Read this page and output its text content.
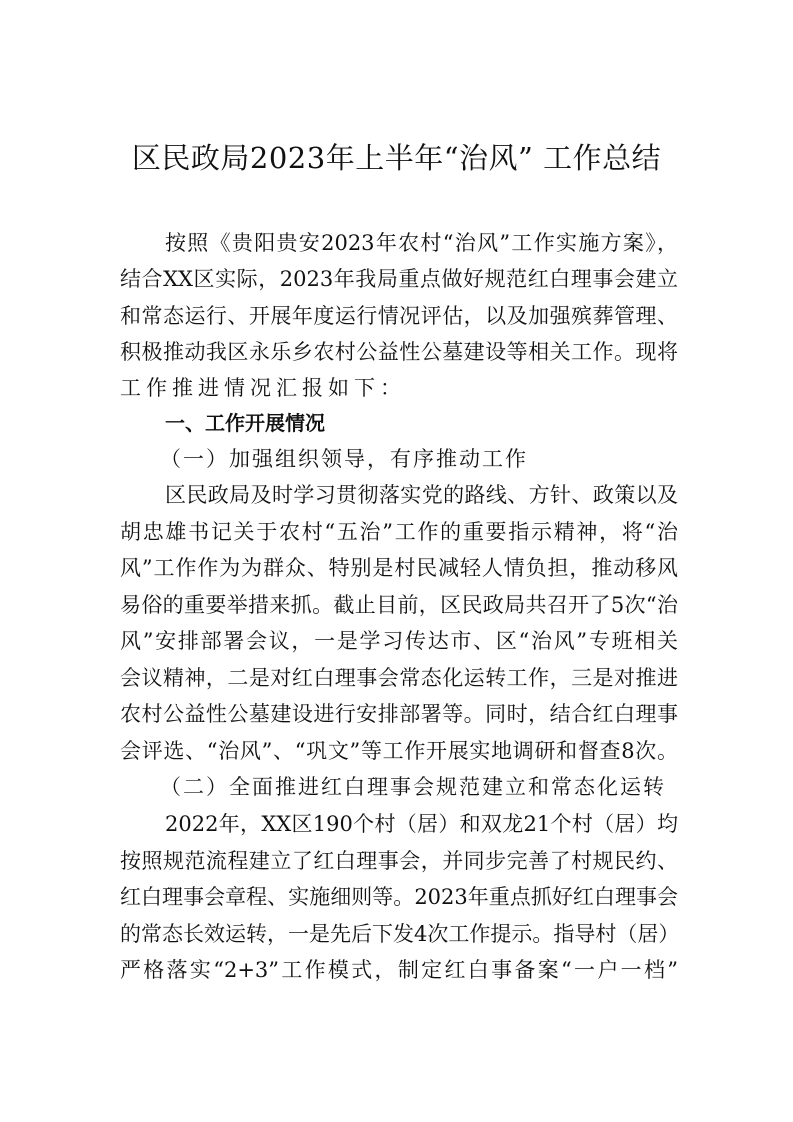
区民政局2023年上半年“治风” 工作总结
按照《贵阳贵安2023年农村“治风”工作实施方案》，
结合XX区实际，2023年我局重点做好规范红白理事会建立
和常态运行、开展年度运行情况评估，以及加强殡葬管理、
积极推动我区永乐乡农村公益性公墓建设等相关工作。现将
工作推进情况汇报如下：
一、工作开展情况
（一）加强组织领导，有序推动工作
区民政局及时学习贯彻落实党的路线、方针、政策以及
胡忠雄书记关于农村“五治”工作的重要指示精神，将“治
风”工作作为为群众、特别是村民减轻人情负担，推动移风
易俗的重要举措来抓。截止目前，区民政局共召开了5次“治
风”安排部署会议，一是学习传达市、区“治风”专班相关
会议精神，二是对红白理事会常态化运转工作，三是对推进
农村公益性公墓建设进行安排部署等。同时，结合红白理事
会评选、“治风”、“巩文”等工作开展实地调研和督查8次。
（二）全面推进红白理事会规范建立和常态化运转
2022年，XX区190个村（居）和双龙21个村（居）均
按照规范流程建立了红白理事会，并同步完善了村规民约、
红白理事会章程、实施细则等。2023年重点抓好红白理事会
的常态长效运转，一是先后下发4次工作提示。指导村（居）
严格落实“2+3”工作模式，制定红白事备案“一户一档”
